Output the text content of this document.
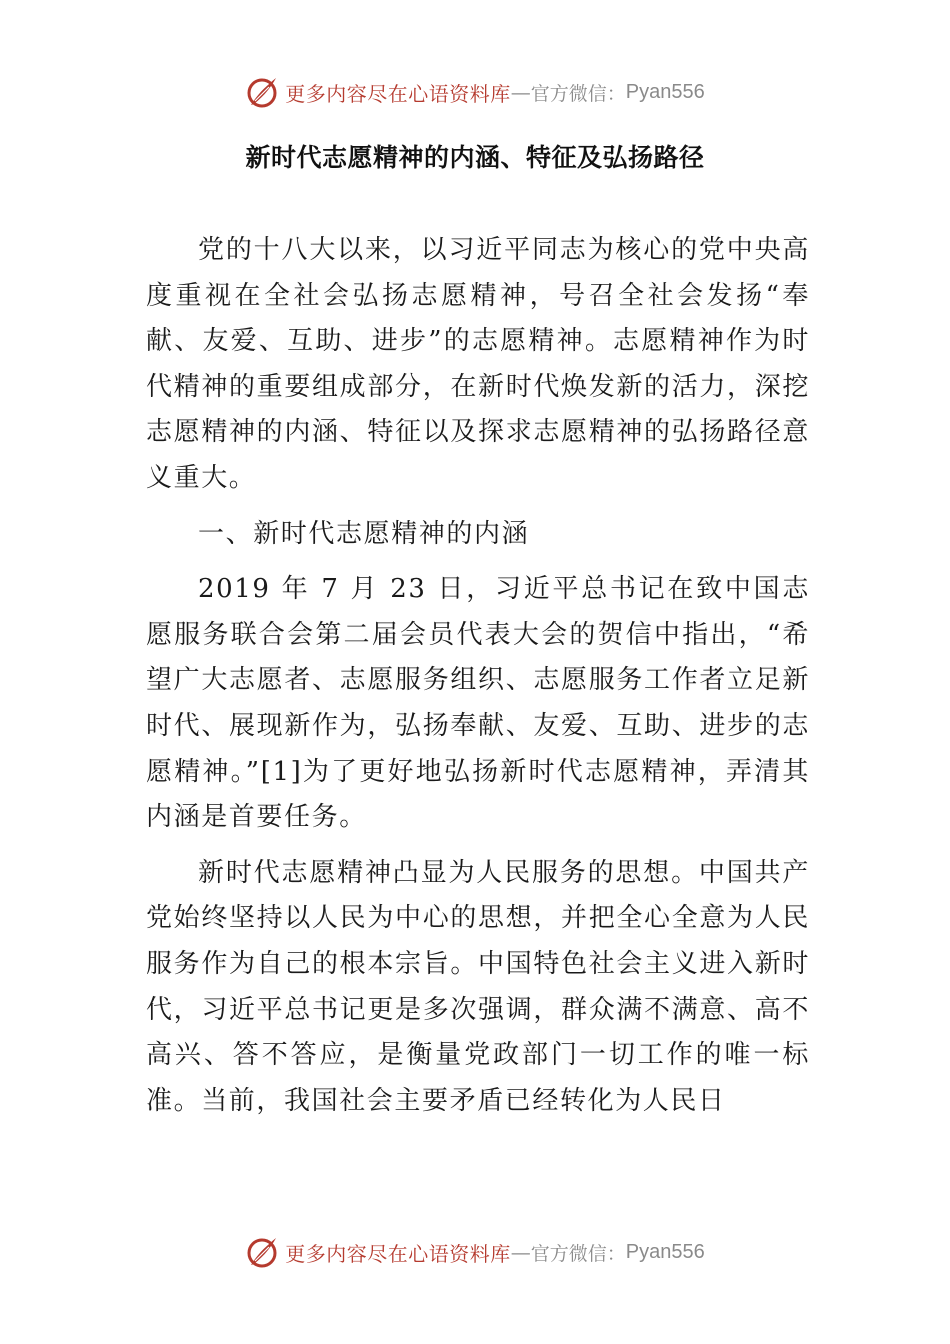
更多内容尽在心语资料库 — 官方微信： Pyan556
新时代志愿精神的内涵、特征及弘扬路径

党的十八大以来，以习近平同志为核心的党中央高度重视在全社会弘扬志愿精神，号召全社会发扬“奉献、友爱、互助、进步”的志愿精神。志愿精神作为时代精神的重要组成部分，在新时代焕发新的活力，深挖志愿精神的内涵、特征以及探求志愿精神的弘扬路径意义重大。

一、新时代志愿精神的内涵

2019 年 7 月 23 日，习近平总书记在致中国志愿服务联合会第二届会员代表大会的贺信中指出，“希望广大志愿者、志愿服务组织、志愿服务工作者立足新时代、展现新作为，弘扬奉献、友爱、互助、进步的志愿精神。”[1]为了更好地弘扬新时代志愿精神，弄清其内涵是首要任务。

新时代志愿精神凸显为人民服务的思想。中国共产党始终坚持以人民为中心的思想，并把全心全意为人民服务作为自己的根本宗旨。中国特色社会主义进入新时代，习近平总书记更是多次强调，群众满不满意、高不高兴、答不答应，是衡量党政部门一切工作的唯一标准。当前，我国社会主要矛盾已经转化为人民日

更多内容尽在心语资料库 — 官方微信： Pyan556
